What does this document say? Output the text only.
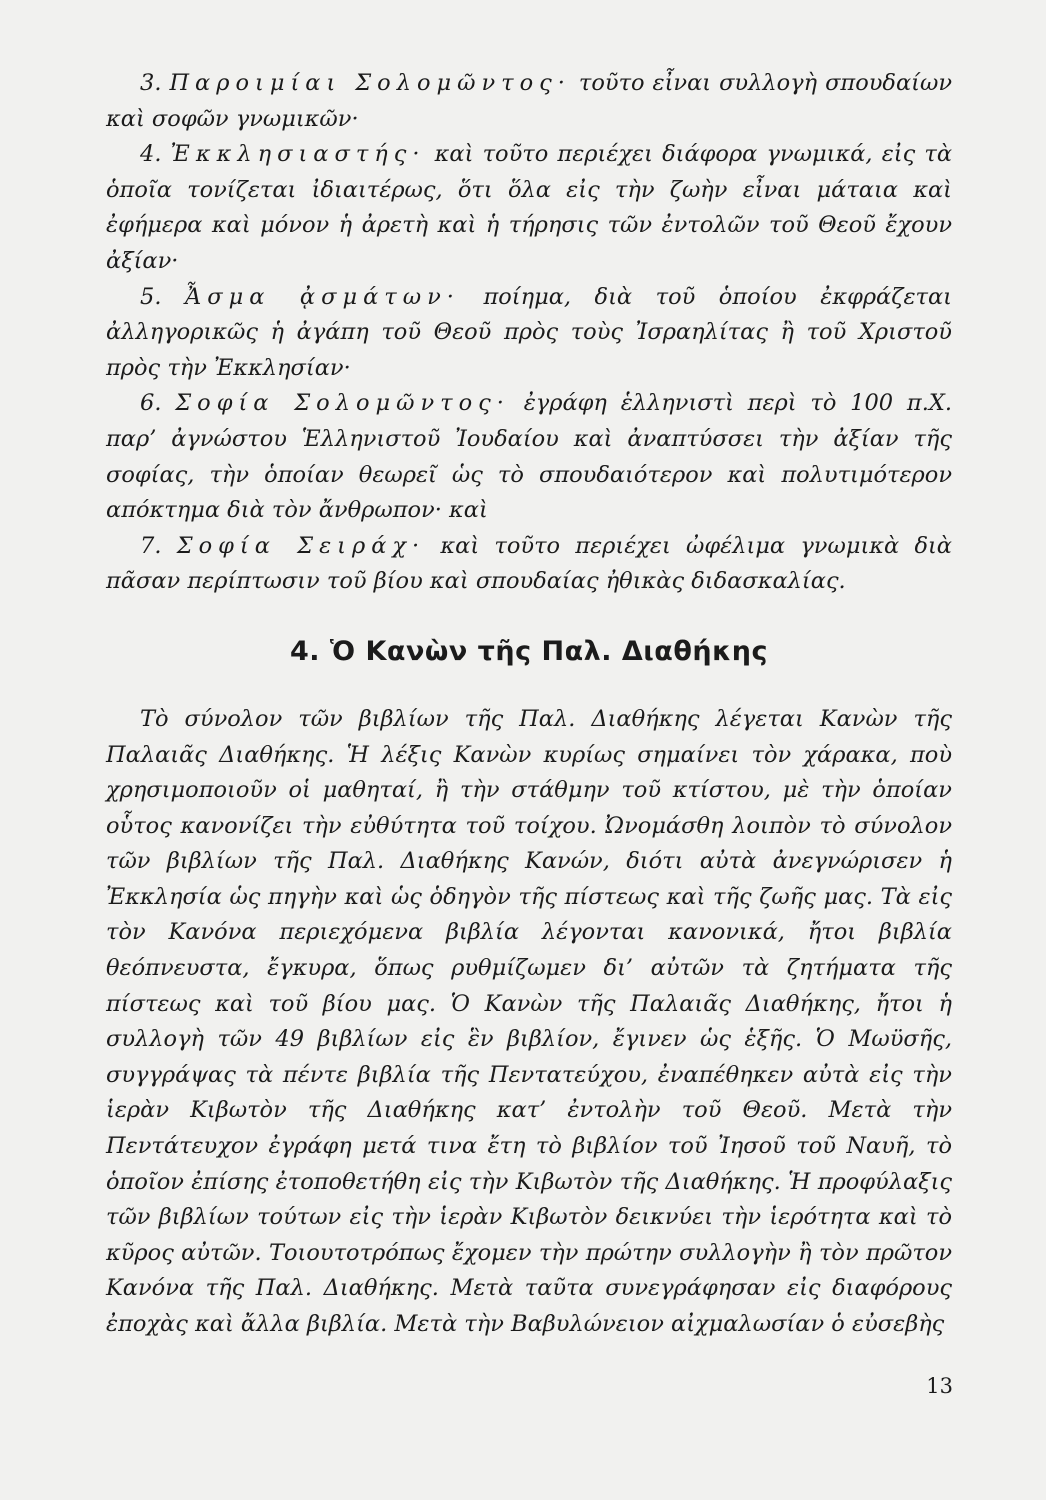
3. Παροιμίαι Σολομῶντος· τοῦτο εἶναι συλλογὴ σπουδαίων καὶ σοφῶν γνωμικῶν·

4. Ἐκκλησιαστής· καὶ τοῦτο περιέχει διάφορα γνωμικά, εἰς τὰ ὁποῖα τονίζεται ἰδιαιτέρως, ὅτι ὅλα εἰς τὴν ζωὴν εἶναι μάταια καὶ ἐφήμερα καὶ μόνον ἡ ἀρετὴ καὶ ἡ τήρησις τῶν ἐντολῶν τοῦ Θεοῦ ἔχουν ἀξίαν·

5. Ἆσμα ᾀσμάτων· ποίημα, διὰ τοῦ ὁποίου ἐκφράζεται ἀλληγορικῶς ἡ ἀγάπη τοῦ Θεοῦ πρὸς τοὺς Ἰσραηλίτας ἢ τοῦ Χριστοῦ πρὸς τὴν Ἐκκλησίαν·

6. Σοφία Σολομῶντος· ἐγράφη ἑλληνιστὶ περὶ τὸ 100 π.Χ. παρ’ ἀγνώστου Ἑλληνιστοῦ Ἰουδαίου καὶ ἀναπτύσσει τὴν ἀξίαν τῆς σοφίας, τὴν ὁποίαν θεωρεῖ ὡς τὸ σπουδαιότερον καὶ πολυτιμότερον απόκτημα διὰ τὸν ἄνθρωπον· καὶ

7. Σοφία Σειράχ· καὶ τοῦτο περιέχει ὠφέλιμα γνωμικὰ διὰ πᾶσαν περίπτωσιν τοῦ βίου καὶ σπουδαίας ἠθικὰς διδασκαλίας.

4. Ὁ Κανὼν τῆς Παλ. Διαθήκης

Τὸ σύνολον τῶν βιβλίων τῆς Παλ. Διαθήκης λέγεται Κανὼν τῆς Παλαιᾶς Διαθήκης. Ἡ λέξις Κανὼν κυρίως σημαίνει τὸν χάρακα, ποὺ χρησιμοποιοῦν οἱ μαθηταί, ἢ τὴν στάθμην τοῦ κτίστου, μὲ τὴν ὁποίαν οὗτος κανονίζει τὴν εὐθύτητα τοῦ τοίχου. Ὠνομάσθη λοιπὸν τὸ σύνολον τῶν βιβλίων τῆς Παλ. Διαθήκης Κανών, διότι αὐτὰ ἀνεγνώρισεν ἡ Ἐκκλησία ὡς πηγὴν καὶ ὡς ὁδηγὸν τῆς πίστεως καὶ τῆς ζωῆς μας. Τὰ εἰς τὸν Κανόνα περιεχόμενα βιβλία λέγονται κανονικά, ἤτοι βιβλία θεόπνευστα, ἔγκυρα, ὅπως ρυθμίζωμεν δι’ αὐτῶν τὰ ζητήματα τῆς πίστεως καὶ τοῦ βίου μας. Ὁ Κανὼν τῆς Παλαιᾶς Διαθήκης, ἤτοι ἡ συλλογὴ τῶν 49 βιβλίων εἰς ἓν βιβλίον, ἔγινεν ὡς ἑξῆς. Ὁ Μωϋσῆς, συγγράψας τὰ πέντε βιβλία τῆς Πεντατεύχου, ἐναπέθηκεν αὐτὰ εἰς τὴν ἱερὰν Κιβωτὸν τῆς Διαθήκης κατ’ ἐντολὴν τοῦ Θεοῦ. Μετὰ τὴν Πεντάτευχον ἐγράφη μετά τινα ἔτη τὸ βιβλίον τοῦ Ἰησοῦ τοῦ Ναυῆ, τὸ ὁποῖον ἐπίσης ἐτοποθετήθη εἰς τὴν Κιβωτὸν τῆς Διαθήκης. Ἡ προφύλαξις τῶν βιβλίων τούτων εἰς τὴν ἱερὰν Κιβωτὸν δεικνύει τὴν ἱερότητα καὶ τὸ κῦρος αὐτῶν. Τοιουτοτρόπως ἔχομεν τὴν πρώτην συλλογὴν ἢ τὸν πρῶτον Κανόνα τῆς Παλ. Διαθήκης. Μετὰ ταῦτα συνεγράφησαν εἰς διαφόρους ἐποχὰς καὶ ἄλλα βιβλία. Μετὰ τὴν Βαβυλώνειον αἰχμαλωσίαν ὁ εὐσεβὴς

13
